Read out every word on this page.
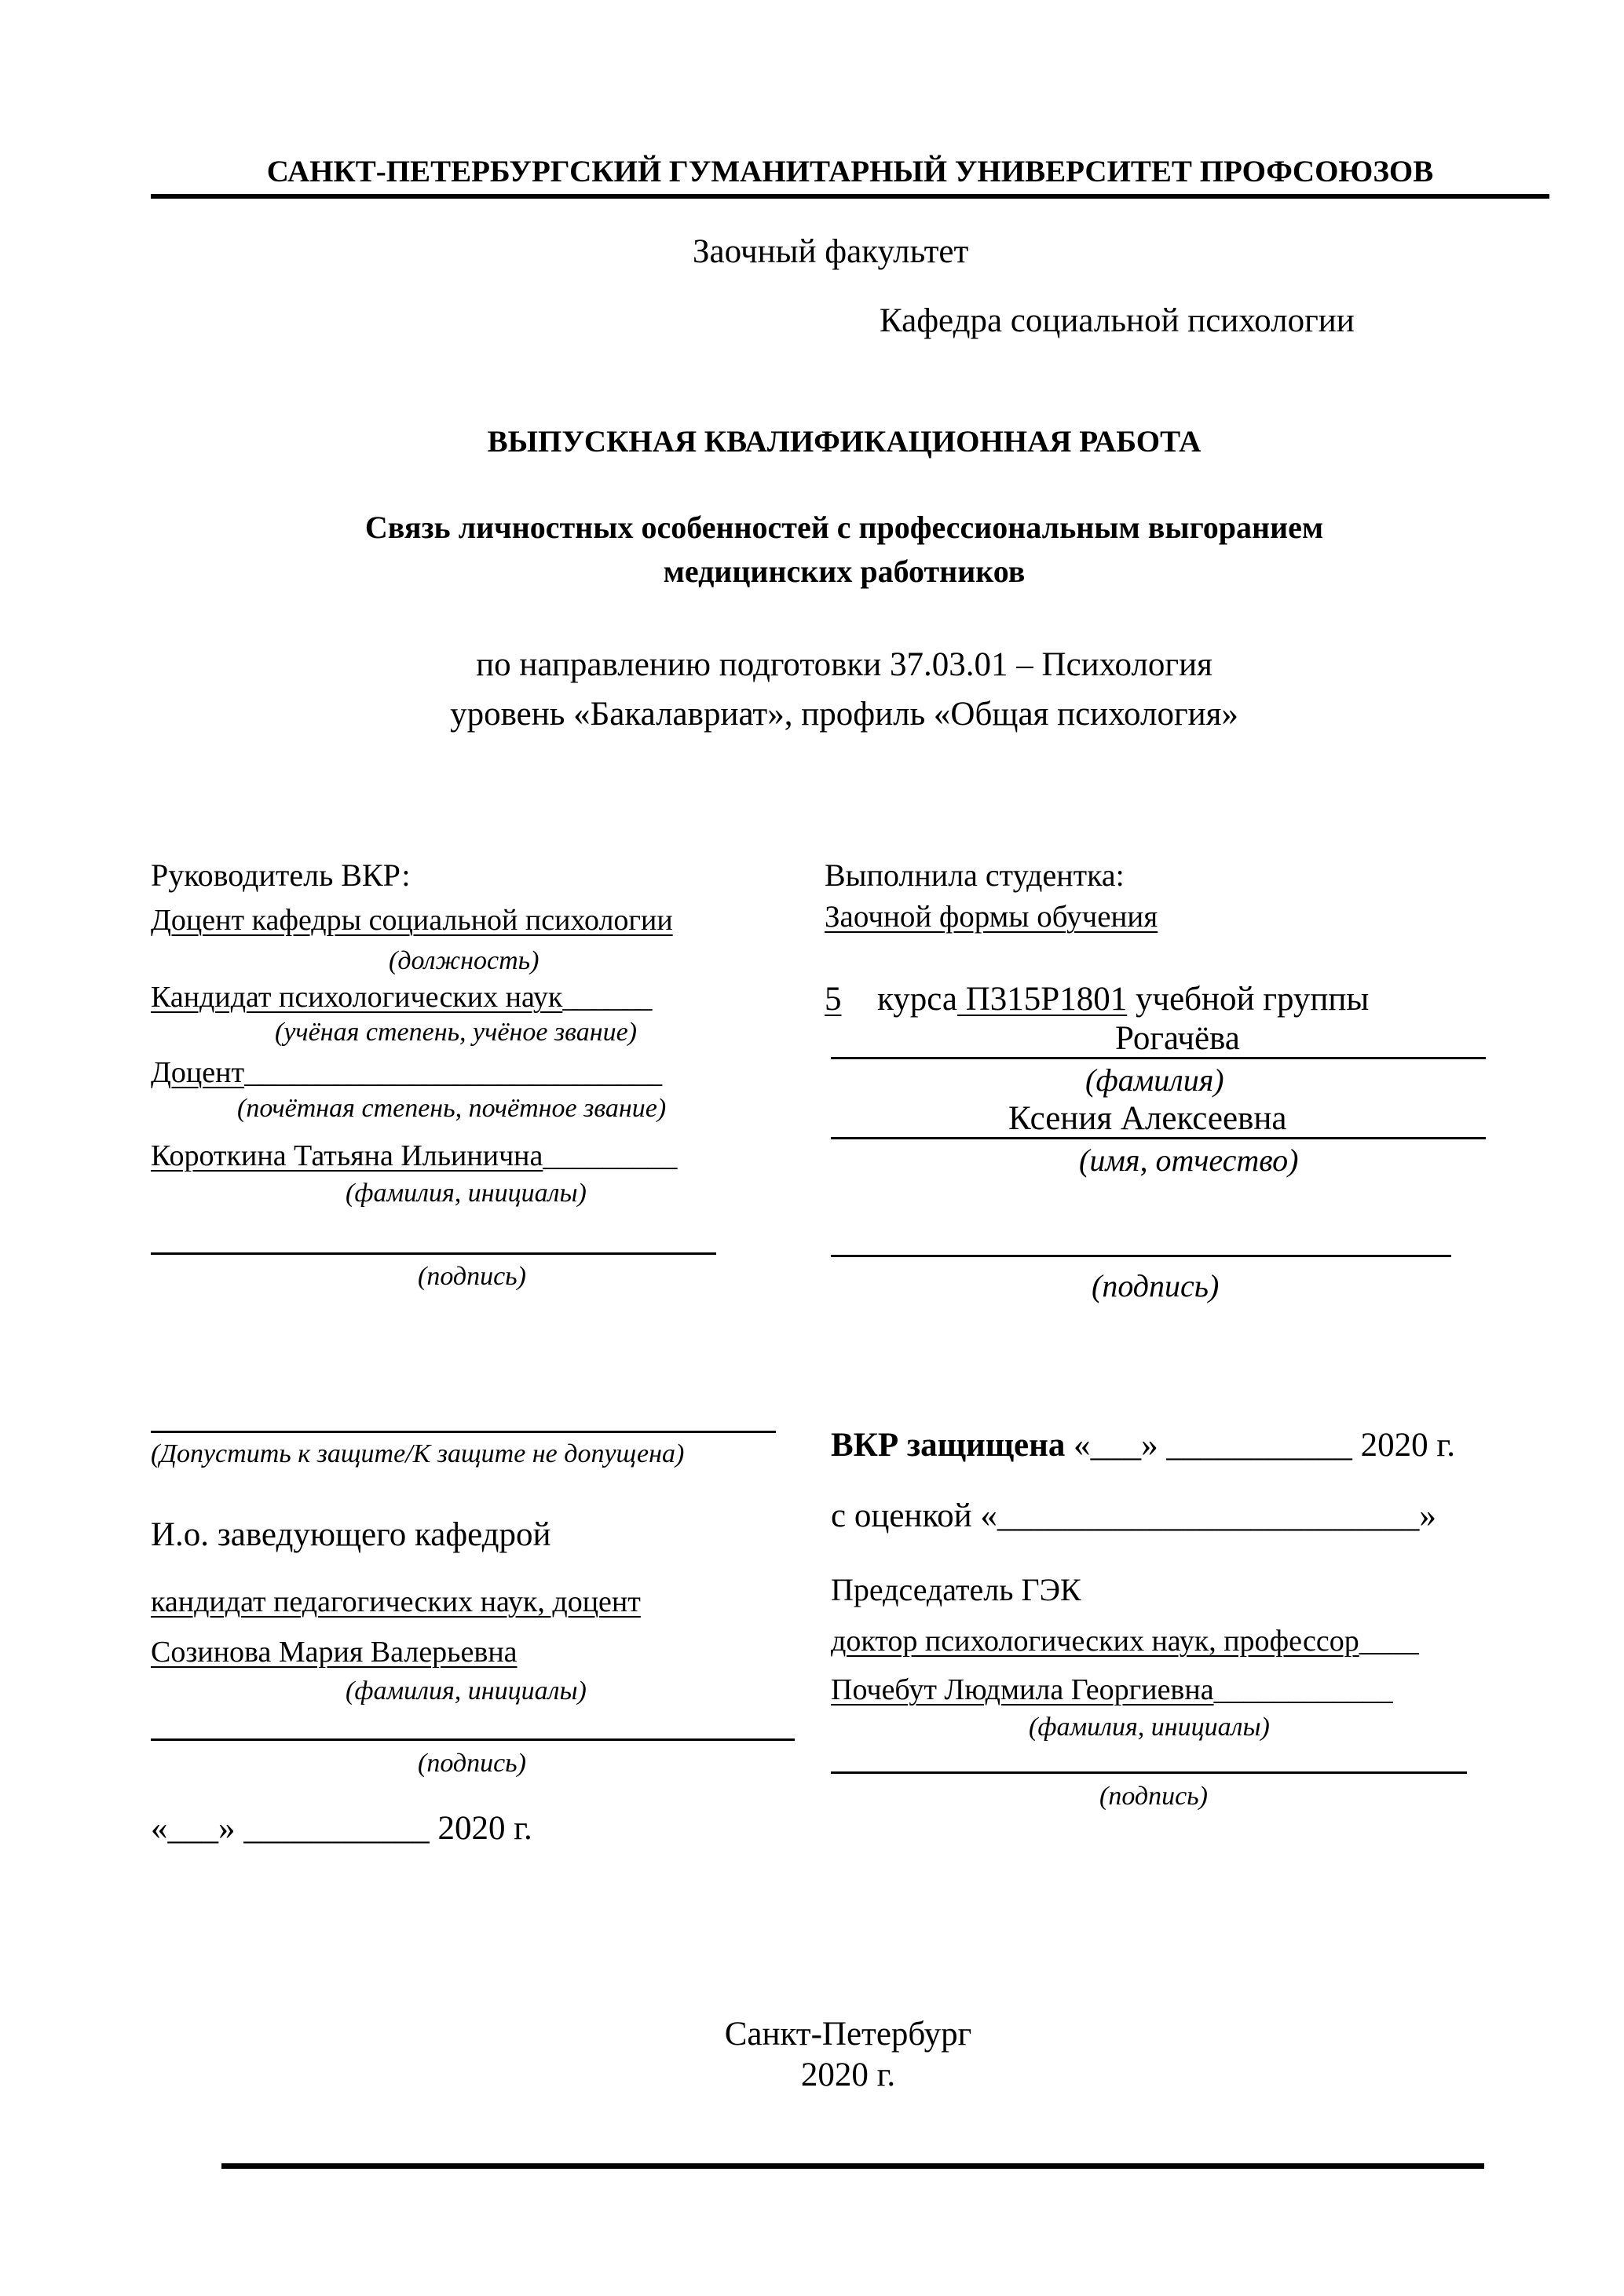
САНКТ-ПЕТЕРБУРГСКИЙ ГУМАНИТАРНЫЙ УНИВЕРСИТЕТ ПРОФСОЮЗОВ
Заочный факультет
Кафедра социальной психологии
ВЫПУСКНАЯ КВАЛИФИКАЦИОННАЯ РАБОТА
Связь личностных особенностей с профессиональным выгоранием
медицинских работников
по направлению подготовки 37.03.01 – Психология
уровень «Бакалавриат», профиль «Общая психология»
Руководитель ВКР:
Доцент кафедры социальной психологии
(должность)
Кандидат психологических наук______
(учёная степень, учёное звание)
Доцент____________________________
(почётная степень, почётное звание)
Короткина Татьяна Ильинична_________
(фамилия, инициалы)
(подпись)
Выполнила студентка:
Заочной формы обучения
5 курса П315Р1801 учебной группы
Рогачёва
(фамилия)
Ксения Алексеевна
(имя, отчество)
(подпись)
(Допустить к защите/К защите не допущена)
И.о. заведующего кафедрой
кандидат педагогических наук, доцент
Созинова Мария Валерьевна
(фамилия, инициалы)
(подпись)
«___» ___________ 2020 г.
ВКР защищена «___» ___________ 2020 г.
с оценкой «_________________________»
Председатель ГЭК
доктор психологических наук, профессор____
Почебут Людмила Георгиевна____________
(фамилия, инициалы)
(подпись)
Санкт-Петербург
2020 г.
